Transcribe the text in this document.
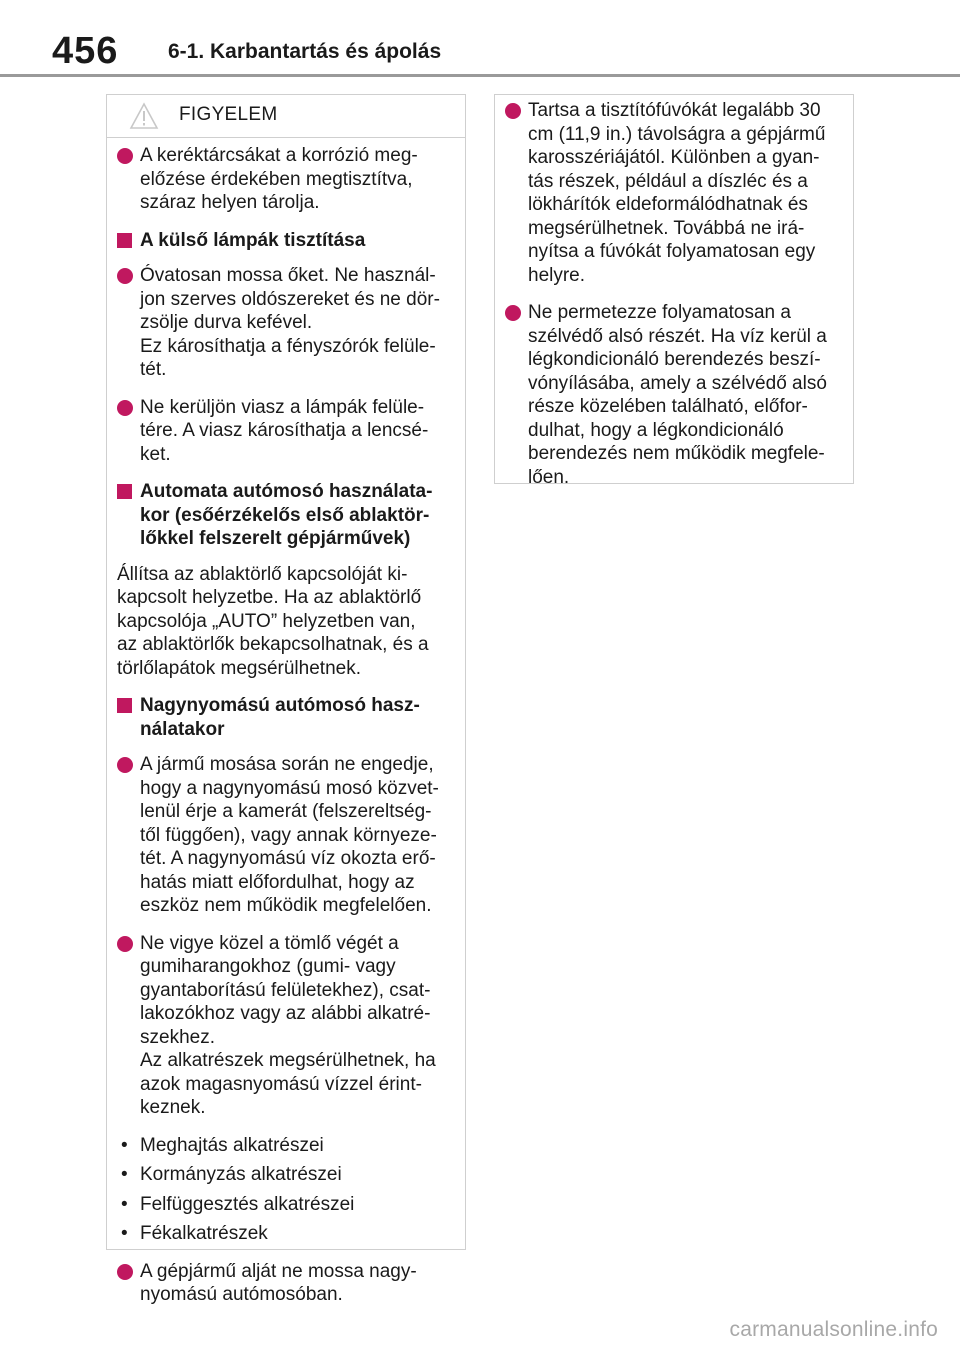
456 6-1. Karbantartás és ápolás
FIGYELEM
A keréktárcsákat a korrózió meg-
előzése érdekében megtisztítva,
száraz helyen tárolja.
A külső lámpák tisztítása
Óvatosan mossa őket. Ne használ-
jon szerves oldószereket és ne dör-
zsölje durva kefével.
Ez károsíthatja a fényszórók felüle-
tét.
Ne kerüljön viasz a lámpák felüle-
tére. A viasz károsíthatja a lencsé-
ket.
Automata autómosó használata-
kor (esőérzékelős első ablaktör-
lőkkel felszerelt gépjárművek)
Állítsa az ablaktörlő kapcsolóját ki-
kapcsolt helyzetbe. Ha az ablaktörlő
kapcsolója „AUTO” helyzetben van,
az ablaktörlők bekapcsolhatnak, és a
törlőlapátok megsérülhetnek.
Nagynyomású autómosó hasz-
nálatakor
A jármű mosása során ne engedje,
hogy a nagynyomású mosó közvet-
lenül érje a kamerát (felszereltség-
től függően), vagy annak környeze-
tét. A nagynyomású víz okozta erő-
hatás miatt előfordulhat, hogy az
eszköz nem működik megfelelően.
Ne vigye közel a tömlő végét a
gumiharangokhoz (gumi- vagy
gyantaborítású felületekhez), csat-
lakozókhoz vagy az alábbi alkatré-
szekhez.
Az alkatrészek megsérülhetnek, ha
azok magasnyomású vízzel érint-
keznek.
• Meghajtás alkatrészei
• Kormányzás alkatrészei
• Felfüggesztés alkatrészei
• Fékalkatrészek
A gépjármű alját ne mossa nagy-
nyomású autómosóban.
Tartsa a tisztítófúvókát legalább 30
cm (11,9 in.) távolságra a gépjármű
karosszériájától. Különben a gyan-
tás részek, például a díszléc és a
lökhárítók eldeformálódhatnak és
megsérülhetnek. Továbbá ne irá-
nyítsa a fúvókát folyamatosan egy
helyre.
Ne permetezze folyamatosan a
szélvédő alsó részét. Ha víz kerül a
légkondicionáló berendezés beszí-
vónyílásába, amely a szélvédő alsó
része közelében található, előfor-
dulhat, hogy a légkondicionáló
berendezés nem működik megfele-
lően.
carmanualsonline.info
